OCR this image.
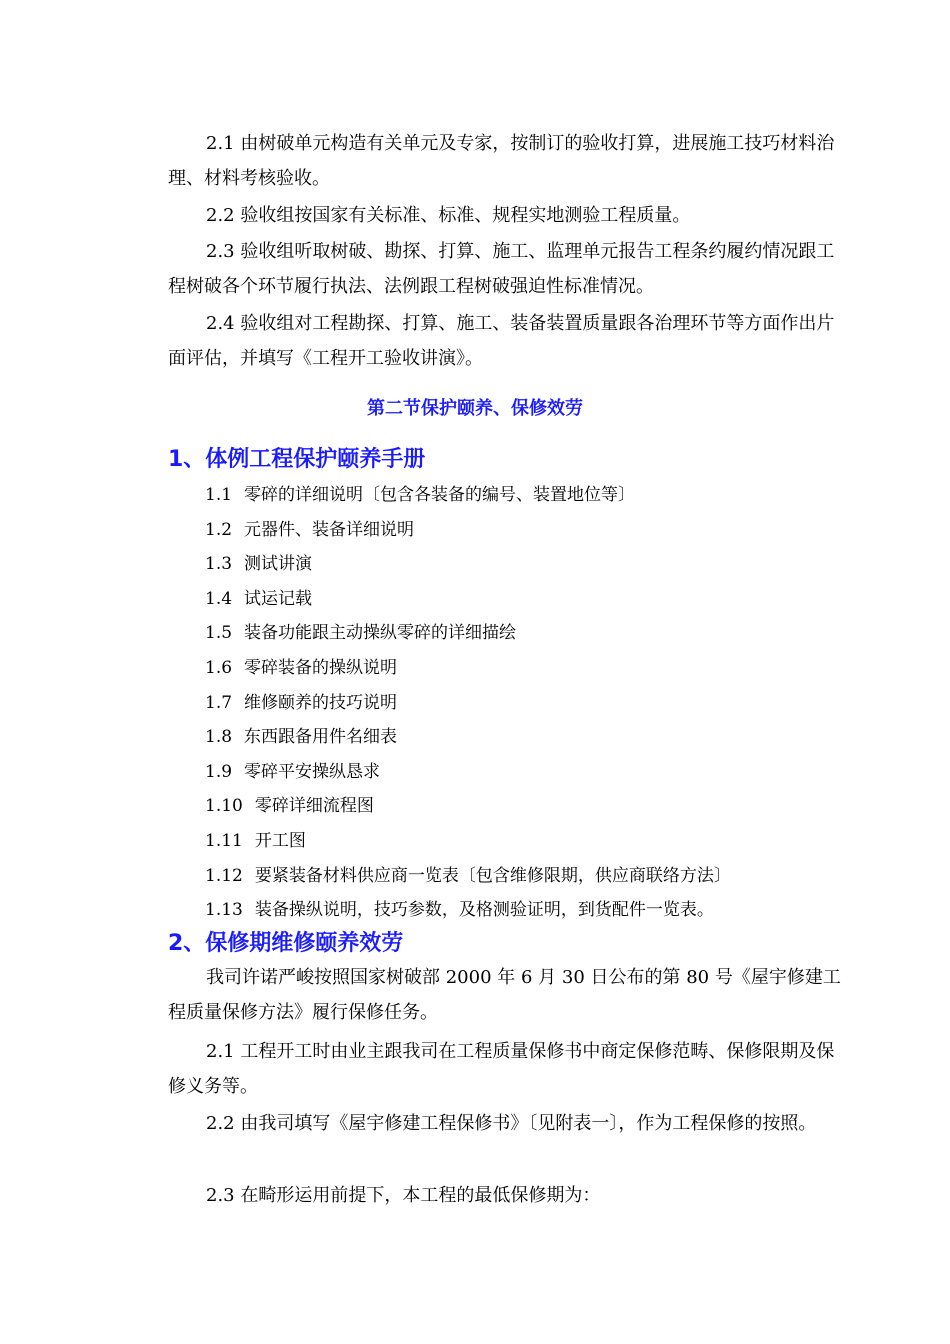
2.1 由树破单元构造有关单元及专家，按制订的验收打算，进展施工技巧材料治理、材料考核验收。

2.2 验收组按国家有关标准、标准、规程实地测验工程质量。

2.3 验收组听取树破、勘探、打算、施工、监理单元报告工程条约履约情况跟工程树破各个环节履行执法、法例跟工程树破强迫性标准情况。

2.4 验收组对工程勘探、打算、施工、装备装置质量跟各治理环节等方面作出片面评估，并填写《工程开工验收讲演》。

第二节保护颐养、保修效劳
1、体例工程保护颐养手册
1.1 零碎的详细说明〔包含各装备的编号、装置地位等〕
1.2 元器件、装备详细说明
1.3 测试讲演
1.4 试运记载
1.5 装备功能跟主动操纵零碎的详细描绘
1.6 零碎装备的操纵说明
1.7 维修颐养的技巧说明
1.8 东西跟备用件名细表
1.9 零碎平安操纵恳求
1.10 零碎详细流程图
1.11 开工图
1.12 要紧装备材料供应商一览表〔包含维修限期，供应商联络方法〕
1.13 装备操纵说明，技巧参数，及格测验证明，到货配件一览表。
2、保修期维修颐养效劳

我司许诺严峻按照国家树破部 2000 年 6 月 30 日公布的第 80 号《屋宇修建工程质量保修方法》履行保修任务。

2.1 工程开工时由业主跟我司在工程质量保修书中商定保修范畴、保修限期及保修义务等。

2.2 由我司填写《屋宇修建工程保修书》〔见附表一〕，作为工程保修的按照。

2.3 在畸形运用前提下，本工程的最低保修期为：
